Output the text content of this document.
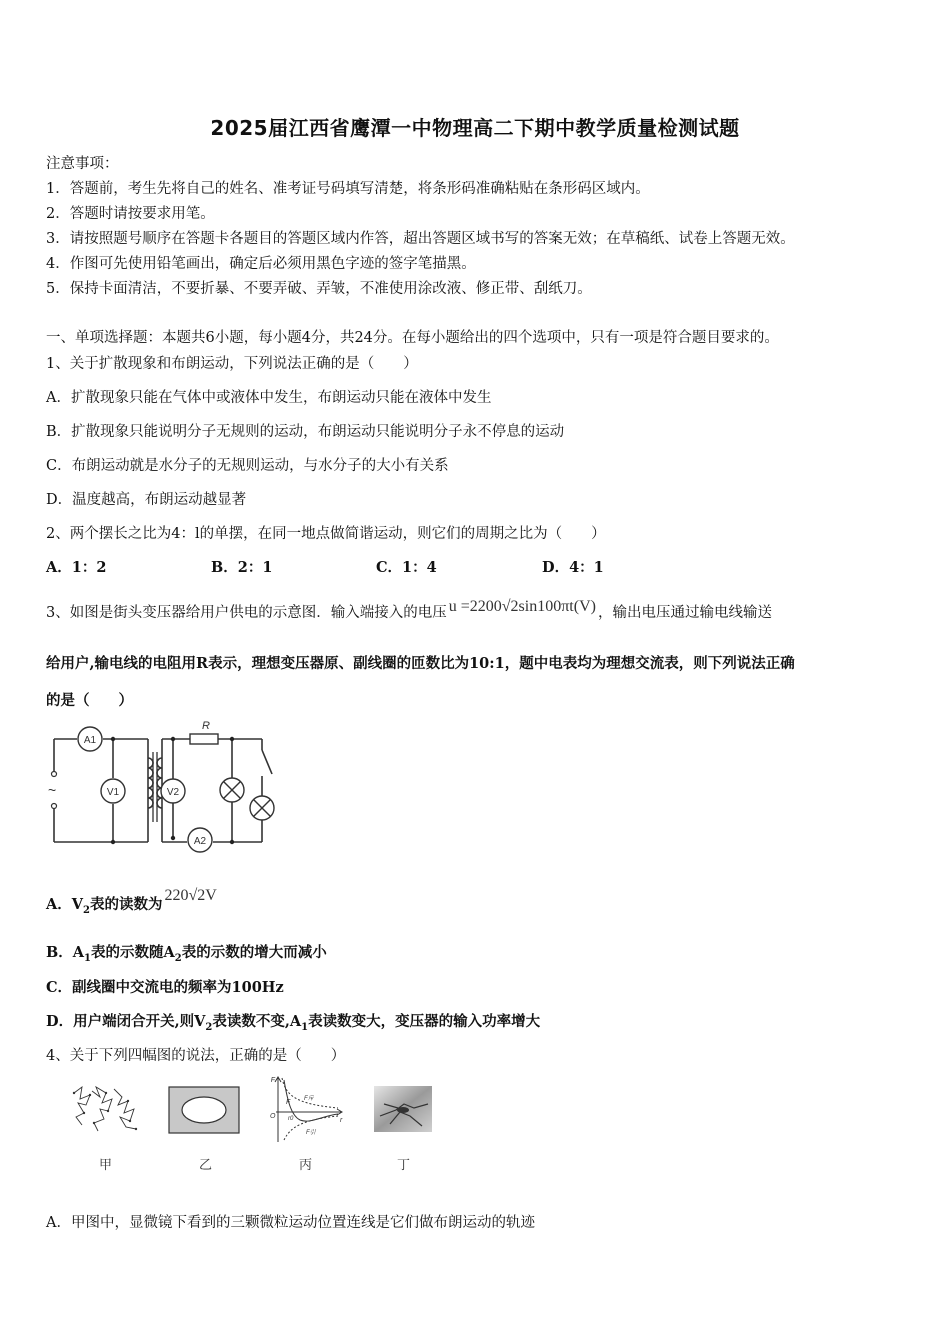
2025届江西省鹰潭一中物理高二下期中教学质量检测试题
注意事项：
1．答题前，考生先将自己的姓名、准考证号码填写清楚，将条形码准确粘贴在条形码区域内。
2．答题时请按要求用笔。
3．请按照题号顺序在答题卡各题目的答题区域内作答，超出答题区域书写的答案无效；在草稿纸、试卷上答题无效。
4．作图可先使用铅笔画出，确定后必须用黑色字迹的签字笔描黑。
5．保持卡面清洁，不要折暴、不要弄破、弄皱，不准使用涂改液、修正带、刮纸刀。
一、单项选择题：本题共6小题，每小题4分，共24分。在每小题给出的四个选项中，只有一项是符合题目要求的。
1、关于扩散现象和布朗运动，下列说法正确的是（　　）
A．扩散现象只能在气体中或液体中发生，布朗运动只能在液体中发生
B．扩散现象只能说明分子无规则的运动，布朗运动只能说明分子永不停息的运动
C．布朗运动就是水分子的无规则运动，与水分子的大小有关系
D．温度越高，布朗运动越显著
2、两个摆长之比为4：l的单摆，在同一地点做简谐运动，则它们的周期之比为（　　）
A．1：2	B．2：1	C．1：4	D．4：1
3、如图是街头变压器给用户供电的示意图．输入端接入的电压 u =2200√2sin100πt(V) ，输出电压通过输电线输送
给用户,输电线的电阻用R表示，理想变压器原、副线圈的匝数比为10:1，题中电表均为理想交流表，则下列说法正确
的是（　　）
~
A1
V1	V2
A2
R
A．$V_2$表的读数为220√2V
B．$A_1$表的示数随$A_2$表的示数的增大而减小
C．副线圈中交流电的频率为100Hz
D．用户端闭合开关,则$V_2$表读数不变$,A_1$表读数变大，变压器的输入功率增大
4、关于下列四幅图的说法，正确的是（　　）
F
r
O r0
F F斥
F引
甲	乙	丙	丁
A．甲图中，显微镜下看到的三颗微粒运动位置连线是它们做布朗运动的轨迹
